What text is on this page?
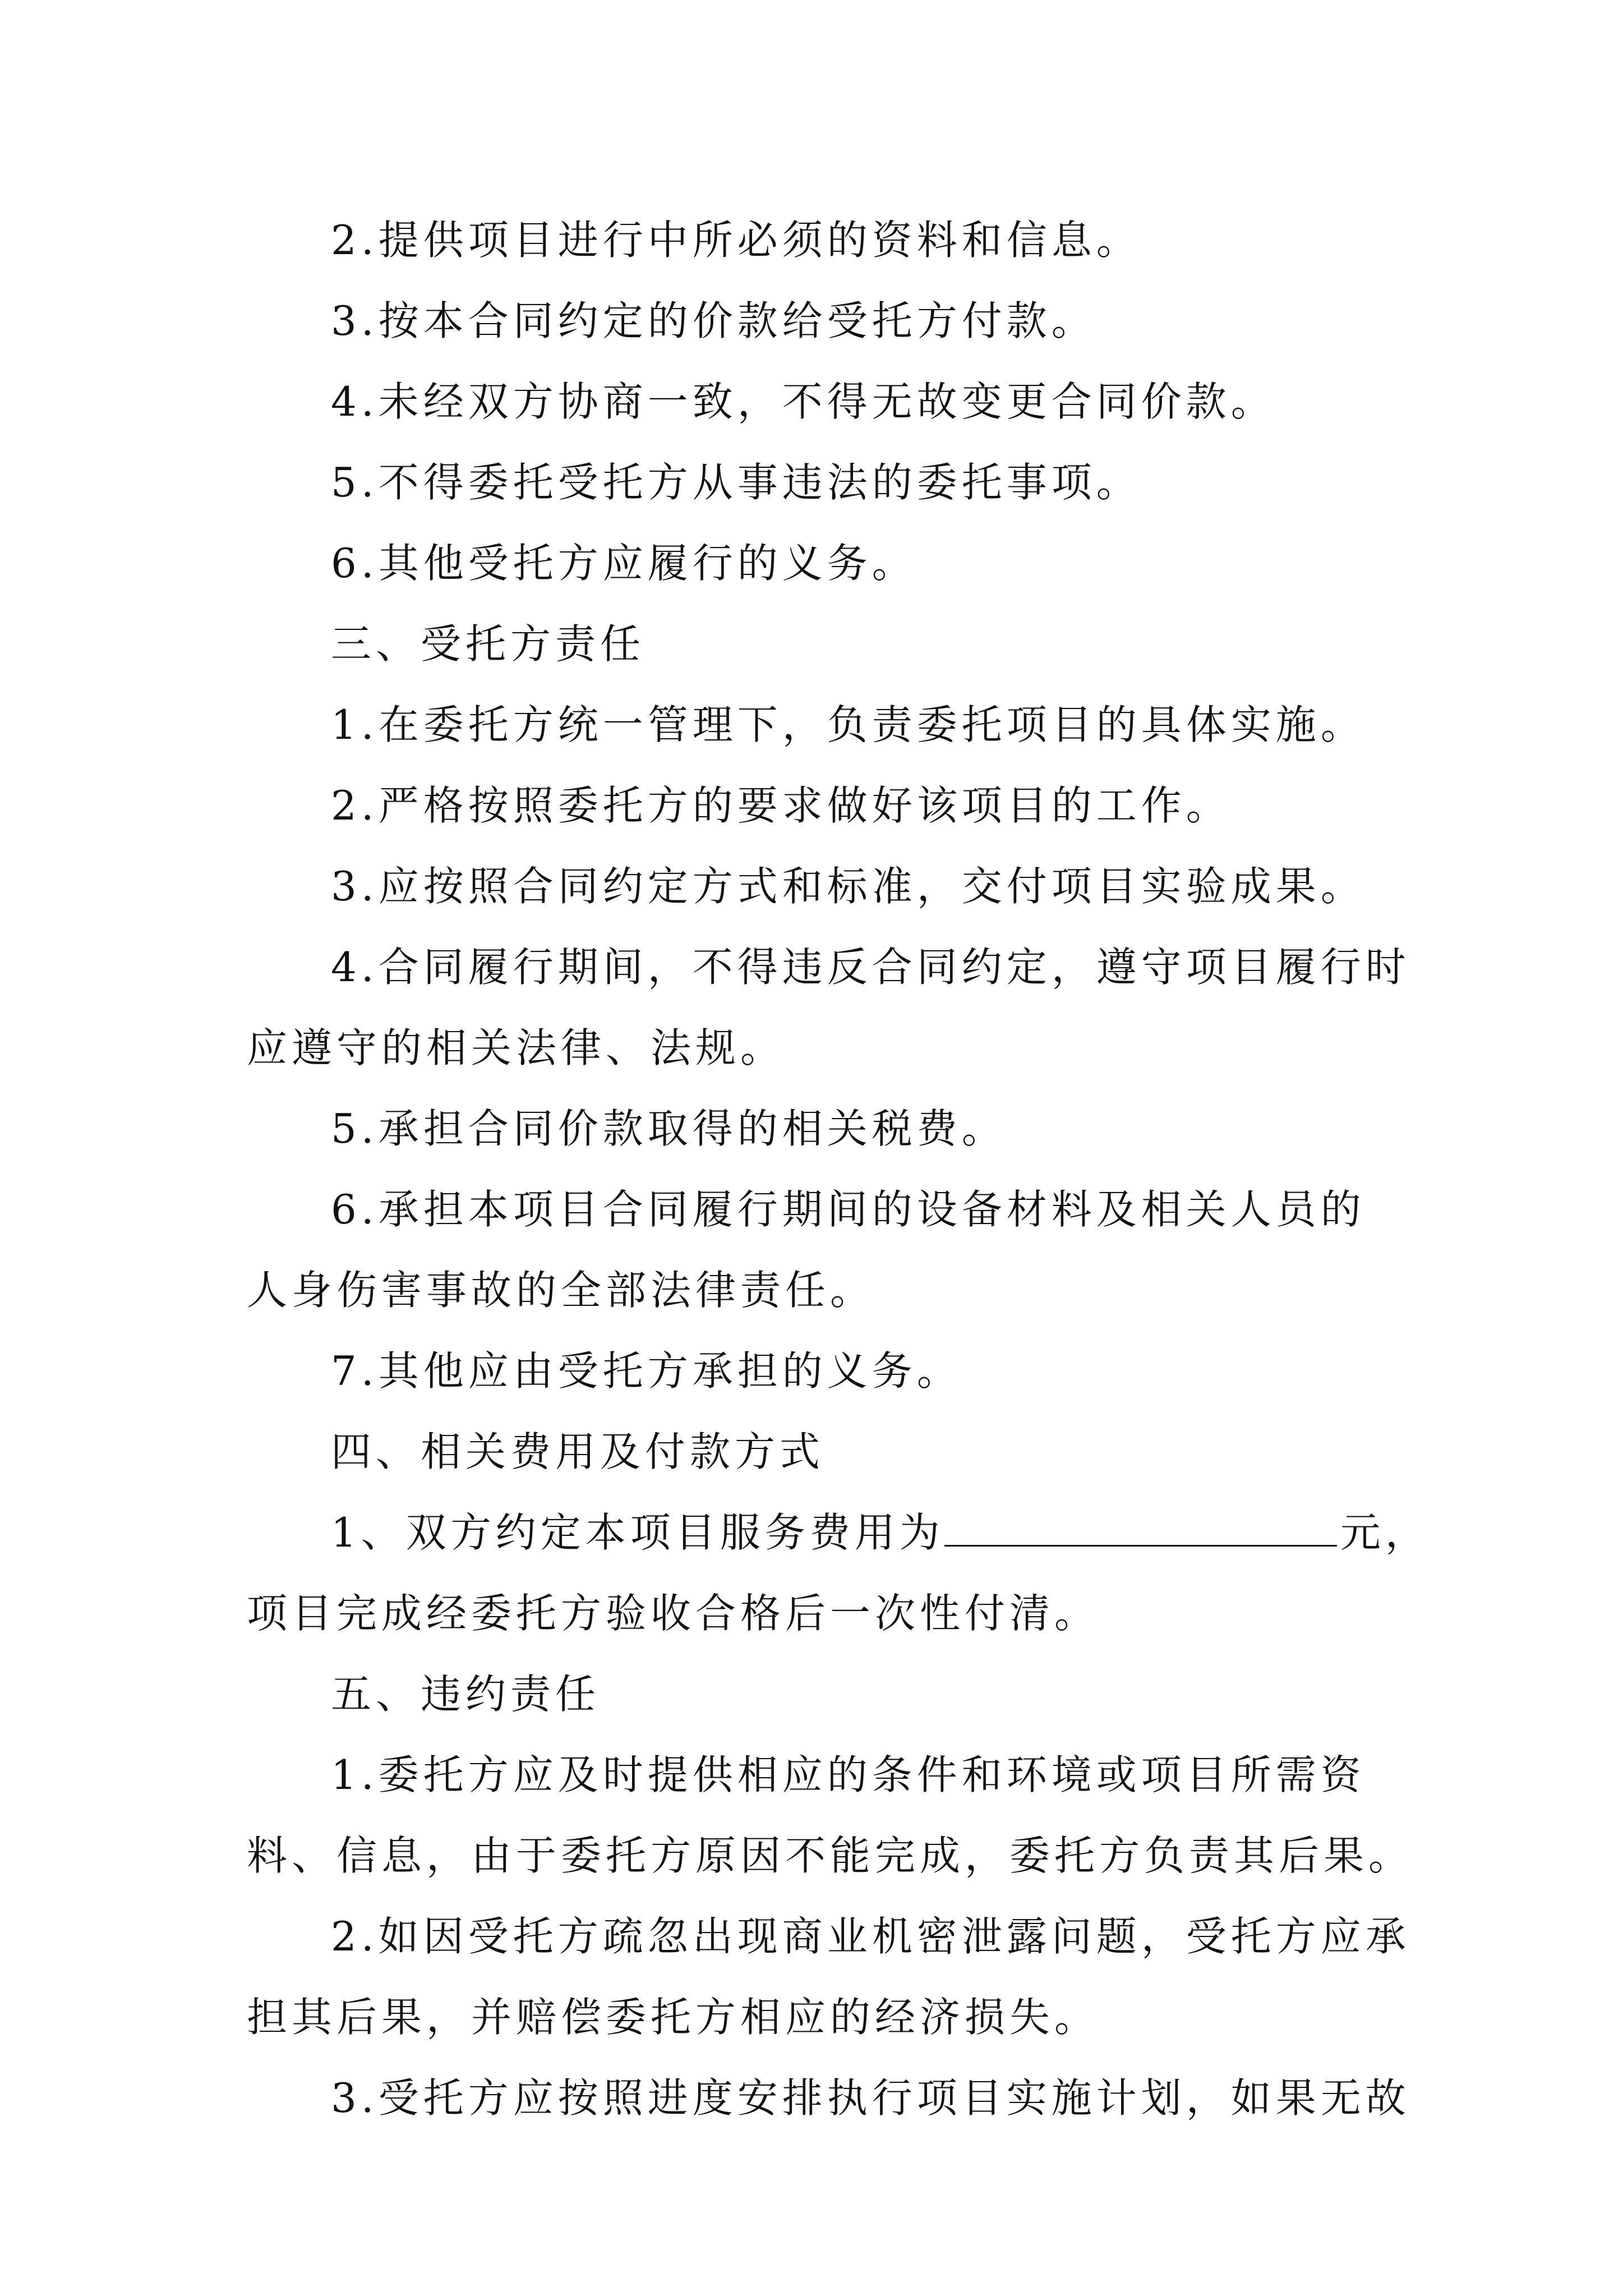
2.提供项目进行中所必须的资料和信息。
3.按本合同约定的价款给受托方付款。
4.未经双方协商一致，不得无故变更合同价款。
5.不得委托受托方从事违法的委托事项。
6.其他受托方应履行的义务。
三、受托方责任
1.在委托方统一管理下，负责委托项目的具体实施。
2.严格按照委托方的要求做好该项目的工作。
3.应按照合同约定方式和标准，交付项目实验成果。
4.合同履行期间，不得违反合同约定，遵守项目履行时
应遵守的相关法律、法规。
5.承担合同价款取得的相关税费。
6.承担本项目合同履行期间的设备材料及相关人员的
人身伤害事故的全部法律责任。
7.其他应由受托方承担的义务。
四、相关费用及付款方式
1、双方约定本项目服务费用为	元，
项目完成经委托方验收合格后一次性付清。
五、违约责任
1.委托方应及时提供相应的条件和环境或项目所需资
料、信息，由于委托方原因不能完成，委托方负责其后果。
2.如因受托方疏忽出现商业机密泄露问题，受托方应承
担其后果，并赔偿委托方相应的经济损失。
3.受托方应按照进度安排执行项目实施计划，如果无故
